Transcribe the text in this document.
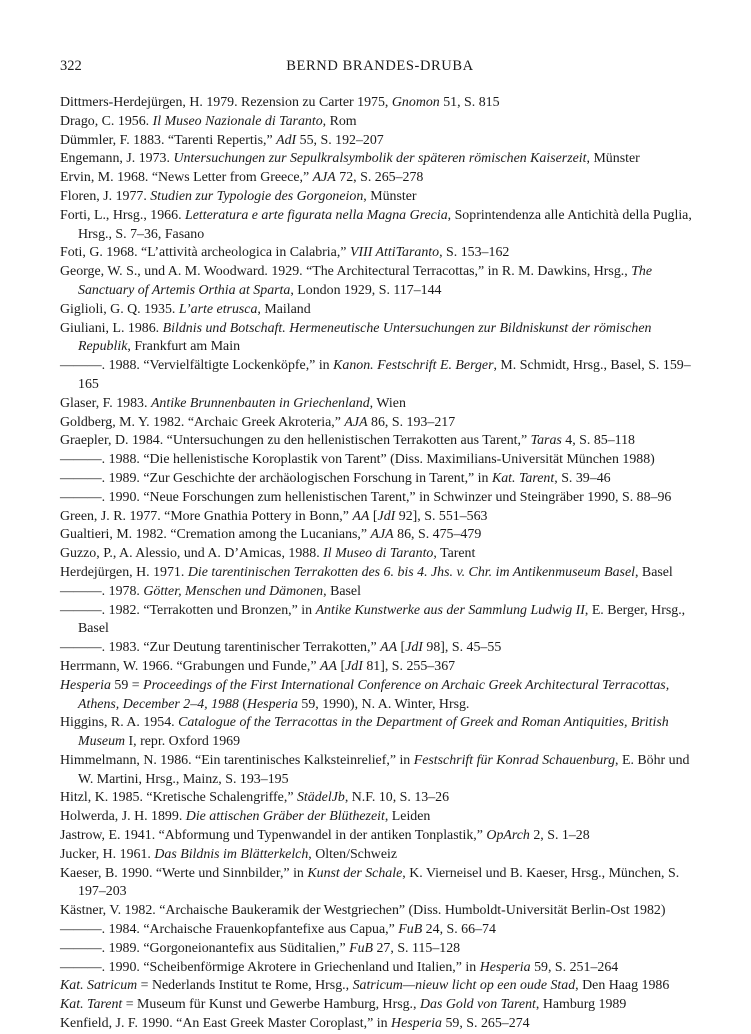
322	BERND BRANDES-DRUBA
Dittmers-Herdejürgen, H. 1979. Rezension zu Carter 1975, Gnomon 51, S. 815
Drago, C. 1956. Il Museo Nazionale di Taranto, Rom
Dümmler, F. 1883. “Tarenti Repertis,” AdI 55, S. 192–207
Engemann, J. 1973. Untersuchungen zur Sepulkralsymbolik der späteren römischen Kaiserzeit, Münster
Ervin, M. 1968. “News Letter from Greece,” AJA 72, S. 265–278
Floren, J. 1977. Studien zur Typologie des Gorgoneion, Münster
Forti, L., Hrsg., 1966. Letteratura e arte figurata nella Magna Grecia, Soprintendenza alle Antichità della Puglia, Hrsg., S. 7–36, Fasano
Foti, G. 1968. “L’attività archeologica in Calabria,” VIII AttiTaranto, S. 153–162
George, W. S., und A. M. Woodward. 1929. “The Architectural Terracottas,” in R. M. Dawkins, Hrsg., The Sanctuary of Artemis Orthia at Sparta, London 1929, S. 117–144
Giglioli, G. Q. 1935. L’arte etrusca, Mailand
Giuliani, L. 1986. Bildnis und Botschaft. Hermeneutische Untersuchungen zur Bildniskunst der römischen Republik, Frankfurt am Main
———. 1988. “Vervielfältigte Lockenköpfe,” in Kanon. Festschrift E. Berger, M. Schmidt, Hrsg., Basel, S. 159–165
Glaser, F. 1983. Antike Brunnenbauten in Griechenland, Wien
Goldberg, M. Y. 1982. “Archaic Greek Akroteria,” AJA 86, S. 193–217
Graepler, D. 1984. “Untersuchungen zu den hellenistischen Terrakotten aus Tarent,” Taras 4, S. 85–118
———. 1988. “Die hellenistische Koroplastik von Tarent” (Diss. Maximilians-Universität München 1988)
———. 1989. “Zur Geschichte der archäologischen Forschung in Tarent,” in Kat. Tarent, S. 39–46
———. 1990. “Neue Forschungen zum hellenistischen Tarent,” in Schwinzer und Steingräber 1990, S. 88–96
Green, J. R. 1977. “More Gnathia Pottery in Bonn,” AA [JdI 92], S. 551–563
Gualtieri, M. 1982. “Cremation among the Lucanians,” AJA 86, S. 475–479
Guzzo, P., A. Alessio, und A. D’Amicas, 1988. Il Museo di Taranto, Tarent
Herdejürgen, H. 1971. Die tarentinischen Terrakotten des 6. bis 4. Jhs. v. Chr. im Antikenmuseum Basel, Basel
———. 1978. Götter, Menschen und Dämonen, Basel
———. 1982. “Terrakotten und Bronzen,” in Antike Kunstwerke aus der Sammlung Ludwig II, E. Berger, Hrsg., Basel
———. 1983. “Zur Deutung tarentinischer Terrakotten,” AA [JdI 98], S. 45–55
Herrmann, W. 1966. “Grabungen und Funde,” AA [JdI 81], S. 255–367
Hesperia 59 = Proceedings of the First International Conference on Archaic Greek Architectural Terracottas, Athens, December 2–4, 1988 (Hesperia 59, 1990), N. A. Winter, Hrsg.
Higgins, R. A. 1954. Catalogue of the Terracottas in the Department of Greek and Roman Antiquities, British Museum I, repr. Oxford 1969
Himmelmann, N. 1986. “Ein tarentinisches Kalksteinrelief,” in Festschrift für Konrad Schauenburg, E. Böhr und W. Martini, Hrsg., Mainz, S. 193–195
Hitzl, K. 1985. “Kretische Schalengriffe,” StädelJb, N.F. 10, S. 13–26
Holwerda, J. H. 1899. Die attischen Gräber der Blüthezeit, Leiden
Jastrow, E. 1941. “Abformung und Typenwandel in der antiken Tonplastik,” OpArch 2, S. 1–28
Jucker, H. 1961. Das Bildnis im Blätterkelch, Olten/Schweiz
Kaeser, B. 1990. “Werte und Sinnbilder,” in Kunst der Schale, K. Vierneisel und B. Kaeser, Hrsg., München, S. 197–203
Kästner, V. 1982. “Archaische Baukeramik der Westgriechen” (Diss. Humboldt-Universität Berlin-Ost 1982)
———. 1984. “Archaische Frauenkopfantefixe aus Capua,” FuB 24, S. 66–74
———. 1989. “Gorgoneionantefix aus Süditalien,” FuB 27, S. 115–128
———. 1990. “Scheibenförmige Akrotere in Griechenland und Italien,” in Hesperia 59, S. 251–264
Kat. Satricum = Nederlands Institut te Rome, Hrsg., Satricum—nieuw licht op een oude Stad, Den Haag 1986
Kat. Tarent = Museum für Kunst und Gewerbe Hamburg, Hrsg., Das Gold von Tarent, Hamburg 1989
Kenfield, J. F. 1990. “An East Greek Master Coroplast,” in Hesperia 59, S. 265–274
